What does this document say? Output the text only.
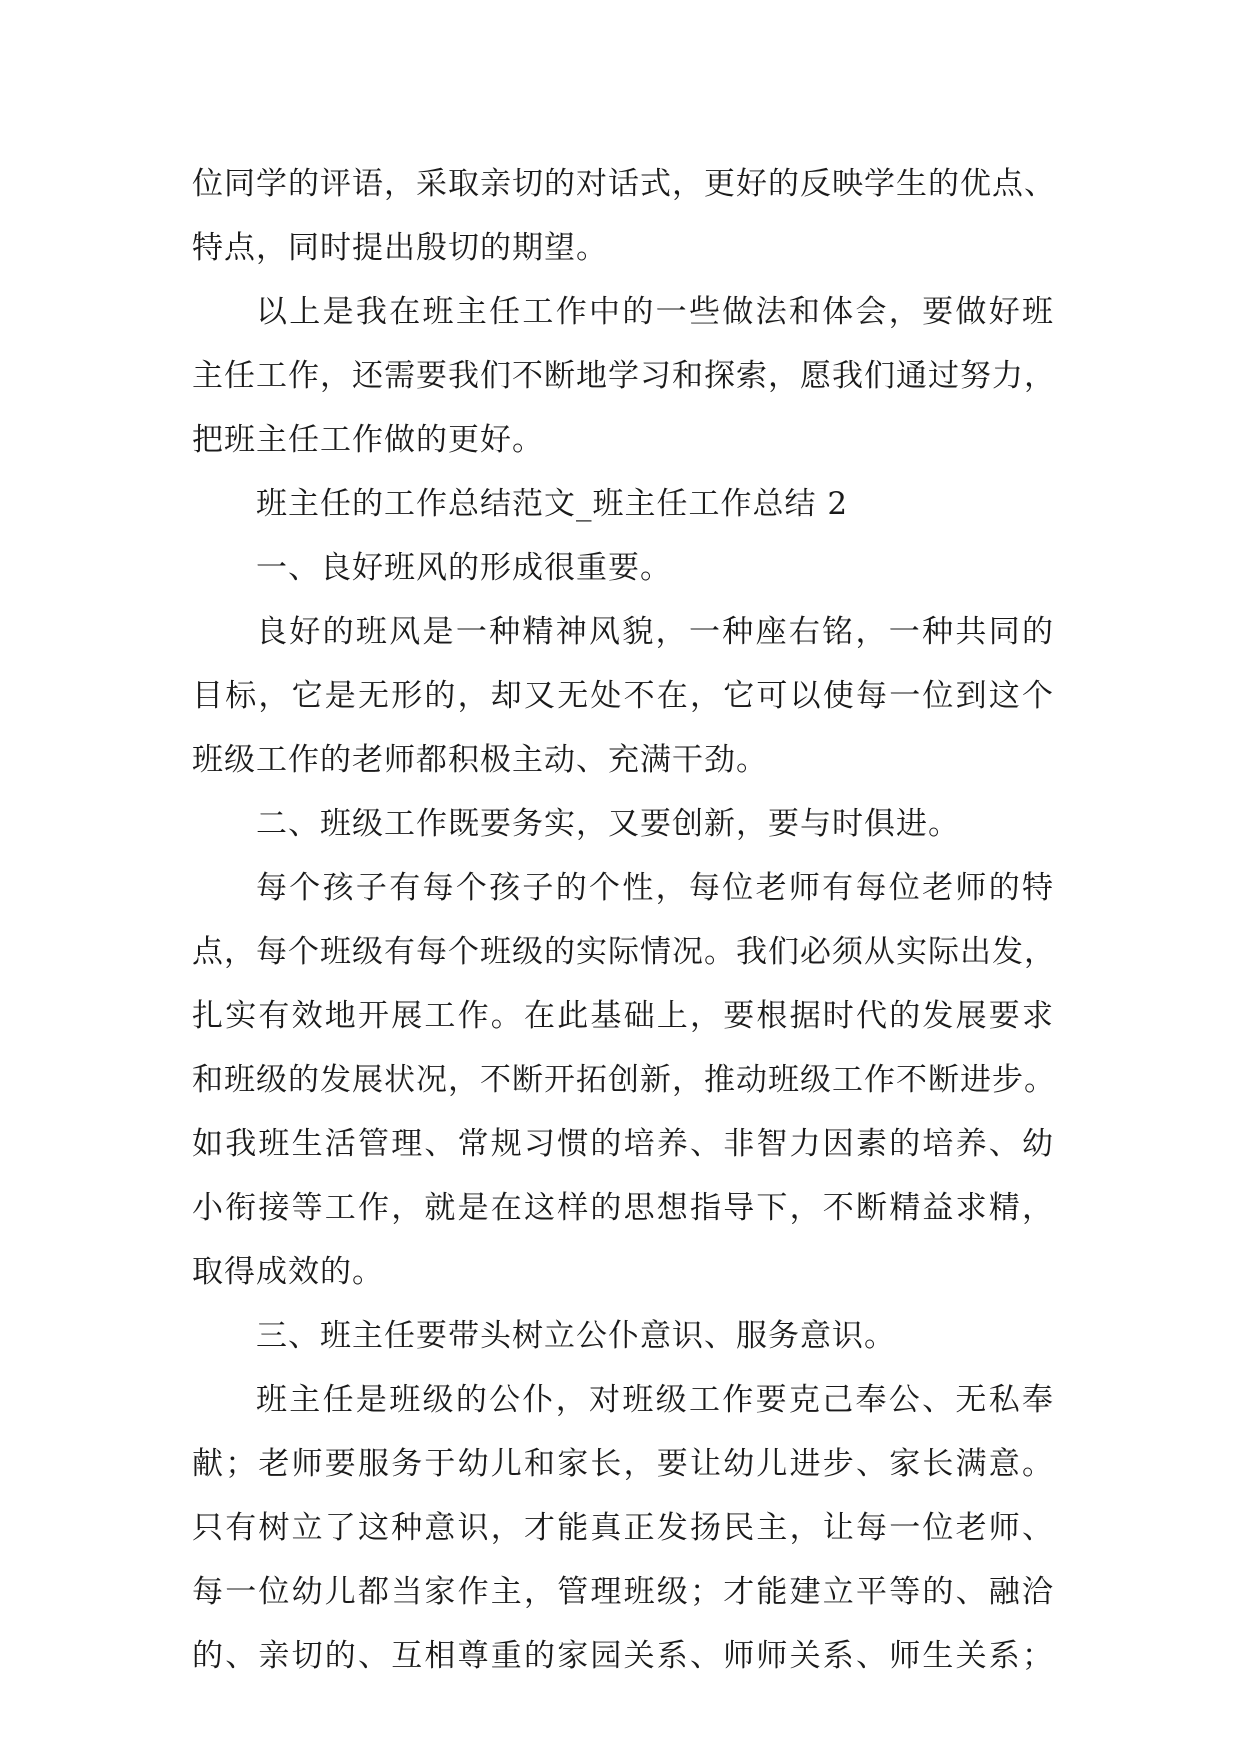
位同学的评语，采取亲切的对话式，更好的反映学生的优点、
特点，同时提出殷切的期望。
以上是我在班主任工作中的一些做法和体会，要做好班
主任工作，还需要我们不断地学习和探索，愿我们通过努力，
把班主任工作做的更好。
班主任的工作总结范文_班主任工作总结 2
一、良好班风的形成很重要。
良好的班风是一种精神风貌，一种座右铭，一种共同的
目标，它是无形的，却又无处不在，它可以使每一位到这个
班级工作的老师都积极主动、充满干劲。
二、班级工作既要务实，又要创新，要与时俱进。
每个孩子有每个孩子的个性，每位老师有每位老师的特
点，每个班级有每个班级的实际情况。我们必须从实际出发，
扎实有效地开展工作。在此基础上，要根据时代的发展要求
和班级的发展状况，不断开拓创新，推动班级工作不断进步。
如我班生活管理、常规习惯的培养、非智力因素的培养、幼
小衔接等工作，就是在这样的思想指导下，不断精益求精，
取得成效的。
三、班主任要带头树立公仆意识、服务意识。
班主任是班级的公仆，对班级工作要克己奉公、无私奉
献；老师要服务于幼儿和家长，要让幼儿进步、家长满意。
只有树立了这种意识，才能真正发扬民主，让每一位老师、
每一位幼儿都当家作主，管理班级；才能建立平等的、融洽
的、亲切的、互相尊重的家园关系、师师关系、师生关系；
